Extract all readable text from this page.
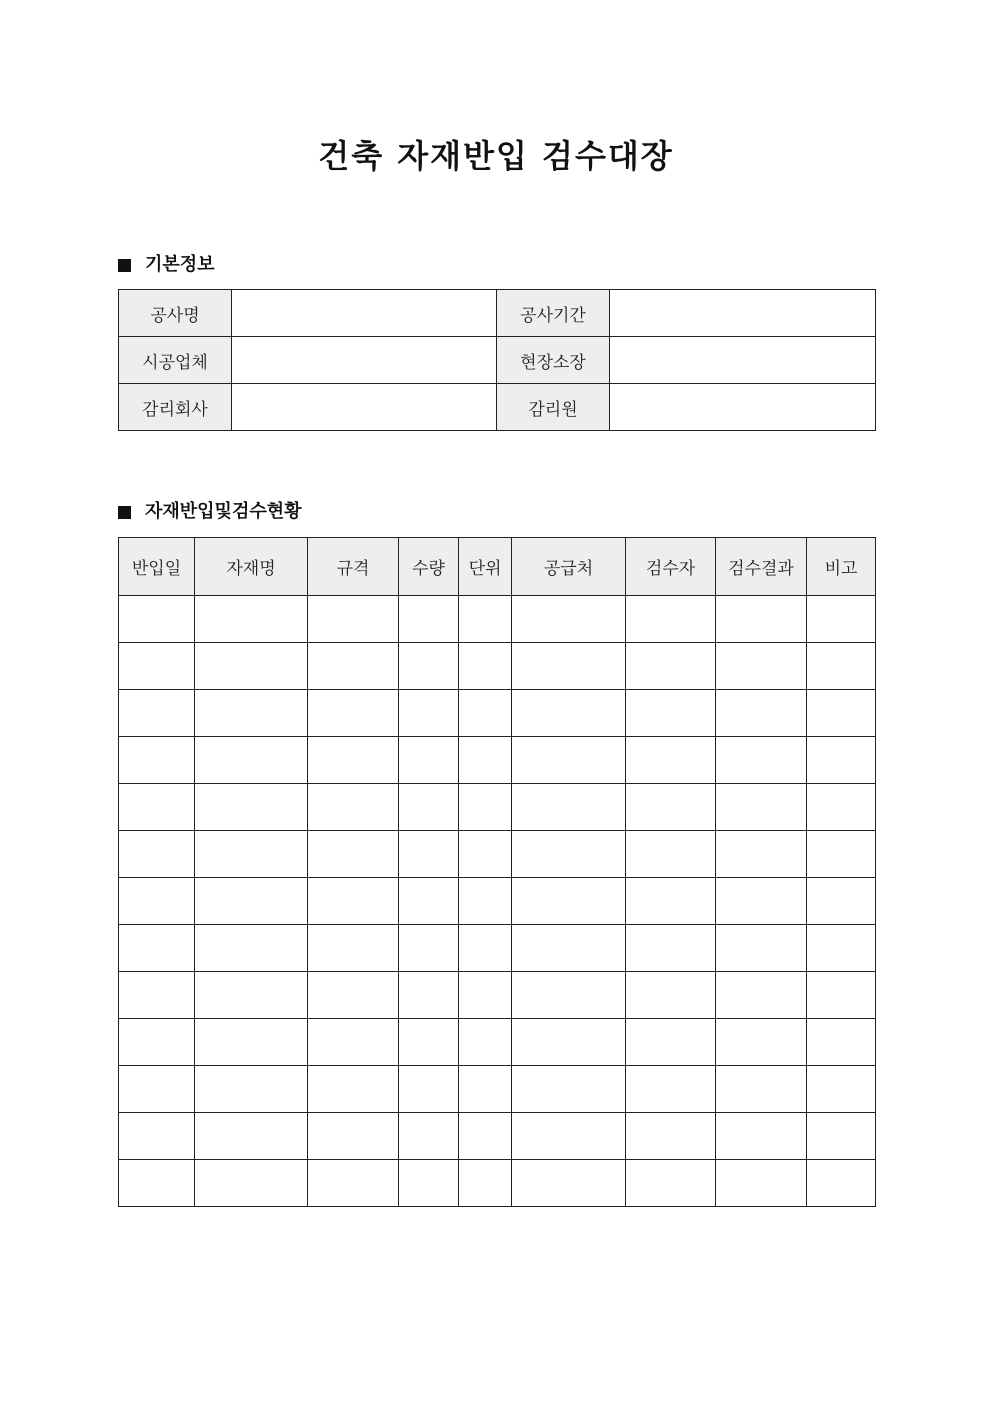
건축 자재반입 검수대장
기본정보
공사명		공사기간	
시공업체		현장소장	
감리회사		감리원	
자재반입및검수현황
반입일	자재명	규격	수량	단위	공급처	검수자	검수결과	비고
